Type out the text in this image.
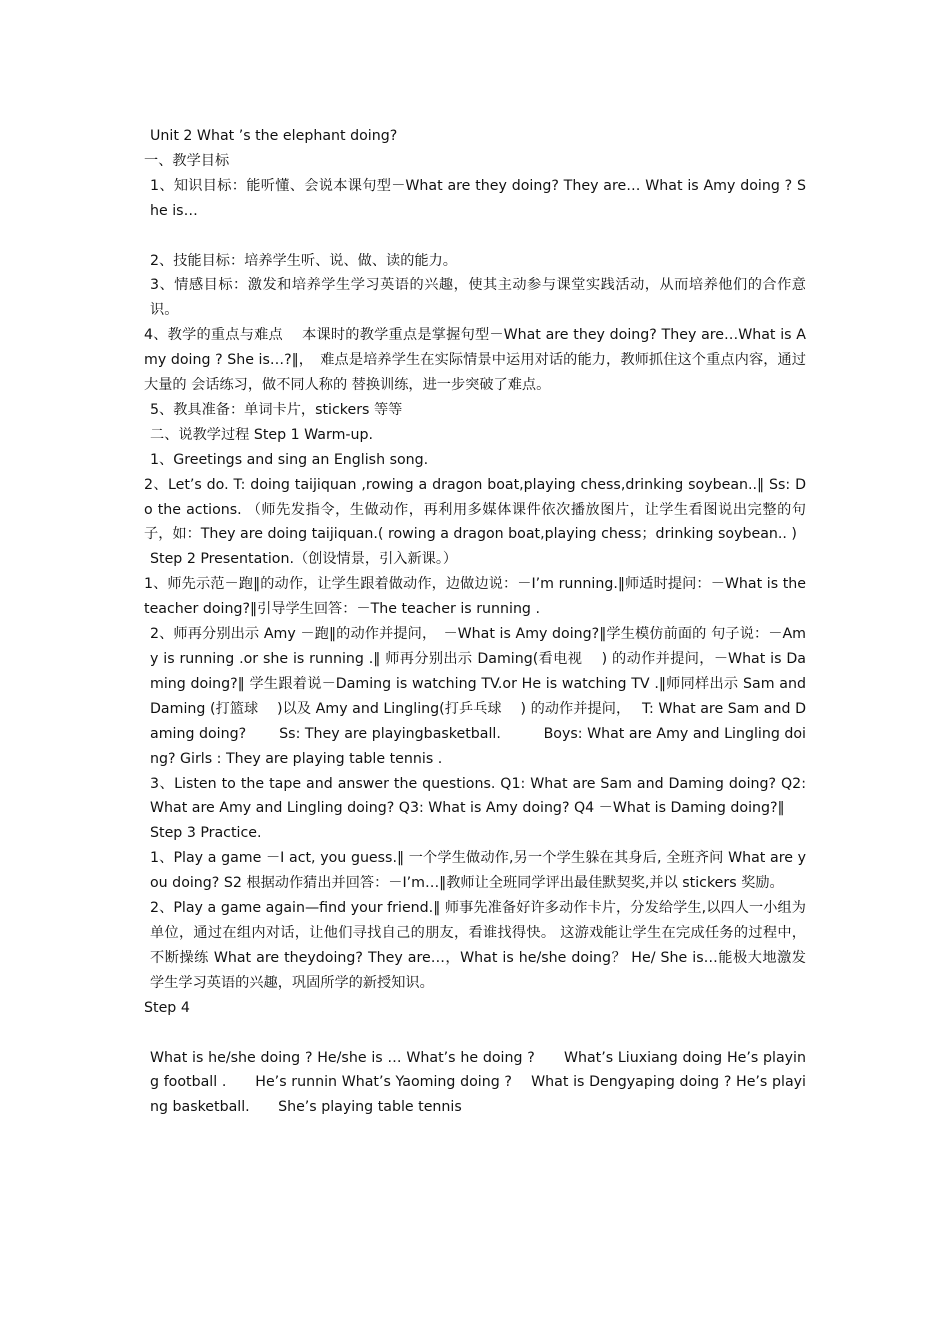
Unit 2 What ’s the elephant doing?

一、教学目标

1、知识目标：能听懂、会说本课句型－What are they doing? They are… What is Amy doing ? She is…

2、技能目标：培养学生听、说、做、读的能力。

3、情感目标：激发和培养学生学习英语的兴趣，使其主动参与课堂实践活动，从而培养他们的合作意识。

4、教学的重点与难点　 本课时的教学重点是掌握句型－What are they doing? They are…What is Amy doing ? She is…?‖，　难点是培养学生在实际情景中运用对话的能力，教师抓住这个重点内容，通过大量的 会话练习，做不同人称的 替换训练，进一步突破了难点。

5、教具准备：单词卡片，stickers 等等

二、说教学过程 Step 1 Warm-up.

1、Greetings and sing an English song.

2、Let’s do. T: doing taijiquan ,rowing a dragon boat,playing chess,drinking soybean..‖ Ss: Do the actions. （师先发指令，生做动作，再利用多媒体课件依次播放图片，让学生看图说出完整的句子，如：They are doing taijiquan.( rowing a dragon boat,playing chess；drinking soybean.. )

Step 2 Presentation.（创设情景，引入新课。）

1、师先示范－跑‖的动作，让学生跟着做动作，边做边说：－I’m running.‖师适时提问：－What is the teacher doing?‖引导学生回答：－The teacher is running .

2、师再分别出示 Amy －跑‖的动作并提问，　－What is Amy doing?‖学生模仿前面的 句子说：－Amy is running .or she is running .‖ 师再分别出示 Daming(看电视　 ) 的动作并提问，－What is Daming doing?‖ 学生跟着说－Daming is watching TV.or He is watching TV .‖师同样出示 Sam and Daming (打篮球　 )以及 Amy and Lingling(打乒乓球　 ) 的动作并提问，　 T: What are Sam and Daming doing?　　 Ss: They are playingbasketball.　　　Boys: What are Amy and Lingling doing? Girls : They are playing table tennis .

3、Listen to the tape and answer the questions. Q1: What are Sam and Daming doing? Q2: What are Amy and Lingling doing? Q3: What is Amy doing? Q4 －What is Daming doing?‖

Step 3 Practice.

1、Play a game －I act, you guess.‖ 一个学生做动作,另一个学生躲在其身后, 全班齐问 What are you doing? S2 根据动作猜出并回答：－I’m…‖教师让全班同学评出最佳默契奖,并以 stickers 奖励。

2、Play a game again—find your friend.‖ 师事先准备好许多动作卡片，分发给学生,以四人一小组为单位，通过在组内对话，让他们寻找自己的朋友，看谁找得快。 这游戏能让学生在完成任务的过程中，不断操练 What are theydoing? They are…，What is he/she doing？ He/ She is…能极大地激发学生学习英语的兴趣，巩固所学的新授知识。

Step 4

What is he/she doing ? He/she is … What’s he doing ?　　What’s Liuxiang doing He’s playing football .　　He’s runnin What’s Yaoming doing ?　 What is Dengyaping doing ? He’s playing basketball.　　She’s playing table tennis
